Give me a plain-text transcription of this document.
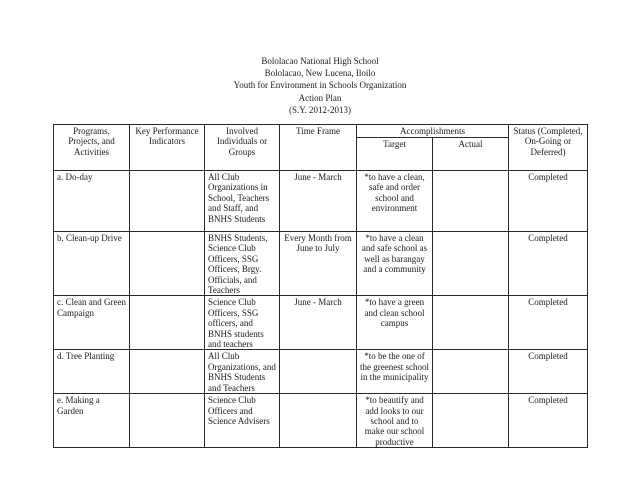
Bololacao National High School
Bololacao, New Lucena, Iloilo
Youth for Environment in Schools Organization
Action Plan
(S.Y. 2012-2013)
Programs, Projects, and Activities	Key Performance Indicators	Involved Individuals or Groups	Time Frame	Accomplishments		Status (Completed, On-Going or Deferred)
				Target	Actual	
a. Do-day		All Club Organizations in School, Teachers and Staff, and BNHS Students	June - March	*to have a clean, safe and order school and environment		Completed
b. Clean-up Drive		BNHS Students, Science Club Officers, SSG Officers, Brgy. Officials, and Teachers	Every Month from June to July	*to have a clean and safe school as well as barangay and a community		Completed
c. Clean and Green Campaign		Science Club Officers, SSG officers, and BNHS students and teachers	June - March	*to have a green and clean school campus		Completed
d. Tree Planting		All Club Organizations, and BNHS Students and Teachers		*to be the one of the greenest school in the municipality		Completed
e. Making a Garden		Science Club Officers and Science Advisers		*to beautify and add looks to our school and to make our school productive		Completed
